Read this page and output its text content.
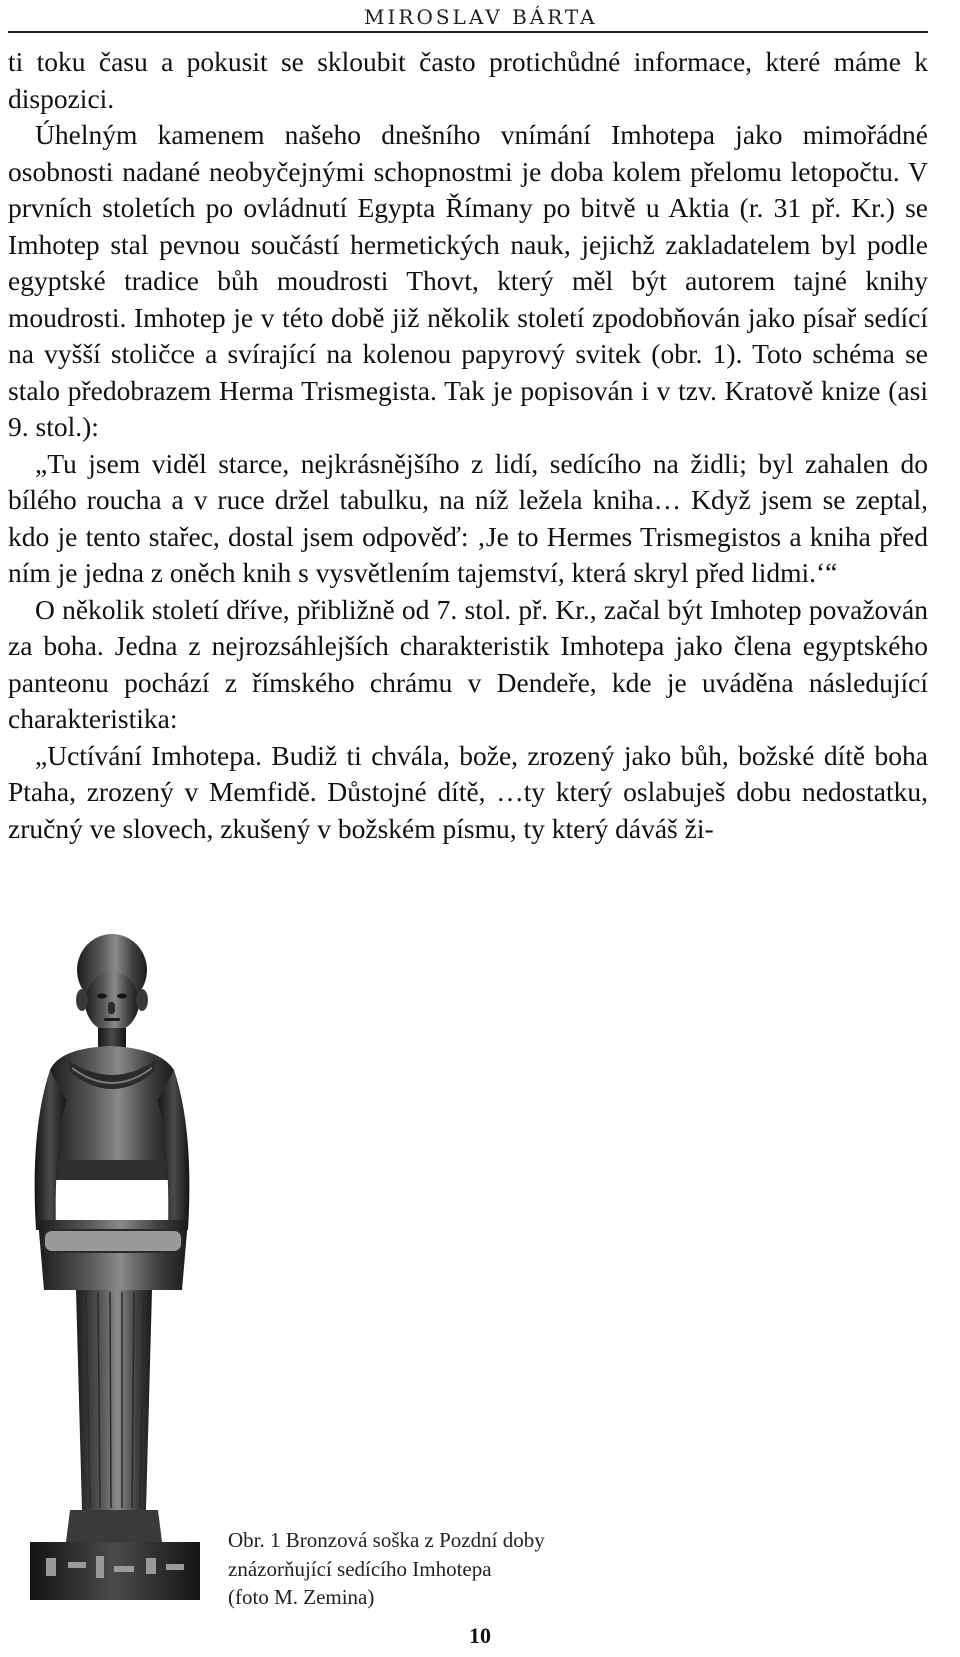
MIROSLAV BÁRTA

ti toku času a pokusit se skloubit často protichůdné informace, které máme k dispozici.

Úhelným kamenem našeho dnešního vnímání Imhotepa jako mimořádné osobnosti nadané neobyčejnými schopnostmi je doba kolem přelomu letopočtu. V prvních stoletích po ovládnutí Egypta Římany po bitvě u Aktia (r. 31 př. Kr.) se Imhotep stal pevnou součástí hermetických nauk, jejichž zakladatelem byl podle egyptské tradice bůh moudrosti Thovt, který měl být autorem tajné knihy moudrosti. Imhotep je v této době již několik století zpodobňován jako písař sedící na vyšší stoličce a svírající na kolenou papyrový svitek (obr. 1). Toto schéma se stalo předobrazem Herma Trismegista. Tak je popisován i v tzv. Kratově knize (asi 9. stol.):

„Tu jsem viděl starce, nejkrásnějšího z lidí, sedícího na židli; byl zahalen do bílého roucha a v ruce držel tabulku, na níž ležela kniha… Když jsem se zeptal, kdo je tento stařec, dostal jsem odpověď: ‚Je to Hermes Trismegistos a kniha před ním je jedna z oněch knih s vysvětlením tajemství, která skryl před lidmi.‘“

O několik století dříve, přibližně od 7. stol. př. Kr., začal být Imhotep považován za boha. Jedna z nejrozsáhlejších charakteristik Imhotepa jako člena egyptského panteonu pochází z římského chrámu v Dendeře, kde je uváděna následující charakteristika:

„Uctívání Imhotepa. Budiž ti chvála, bože, zrozený jako bůh, božské dítě boha Ptaha, zrozený v Memfidě. Důstojné dítě, …ty který oslabuješ dobu nedostatku, zručný ve slovech, zkušený v božském písmu, ty který dáváš ži-

Obr. 1 Bronzová soška z Pozdní doby
znázorňující sedícího Imhotepa
(foto M. Zemina)
10
